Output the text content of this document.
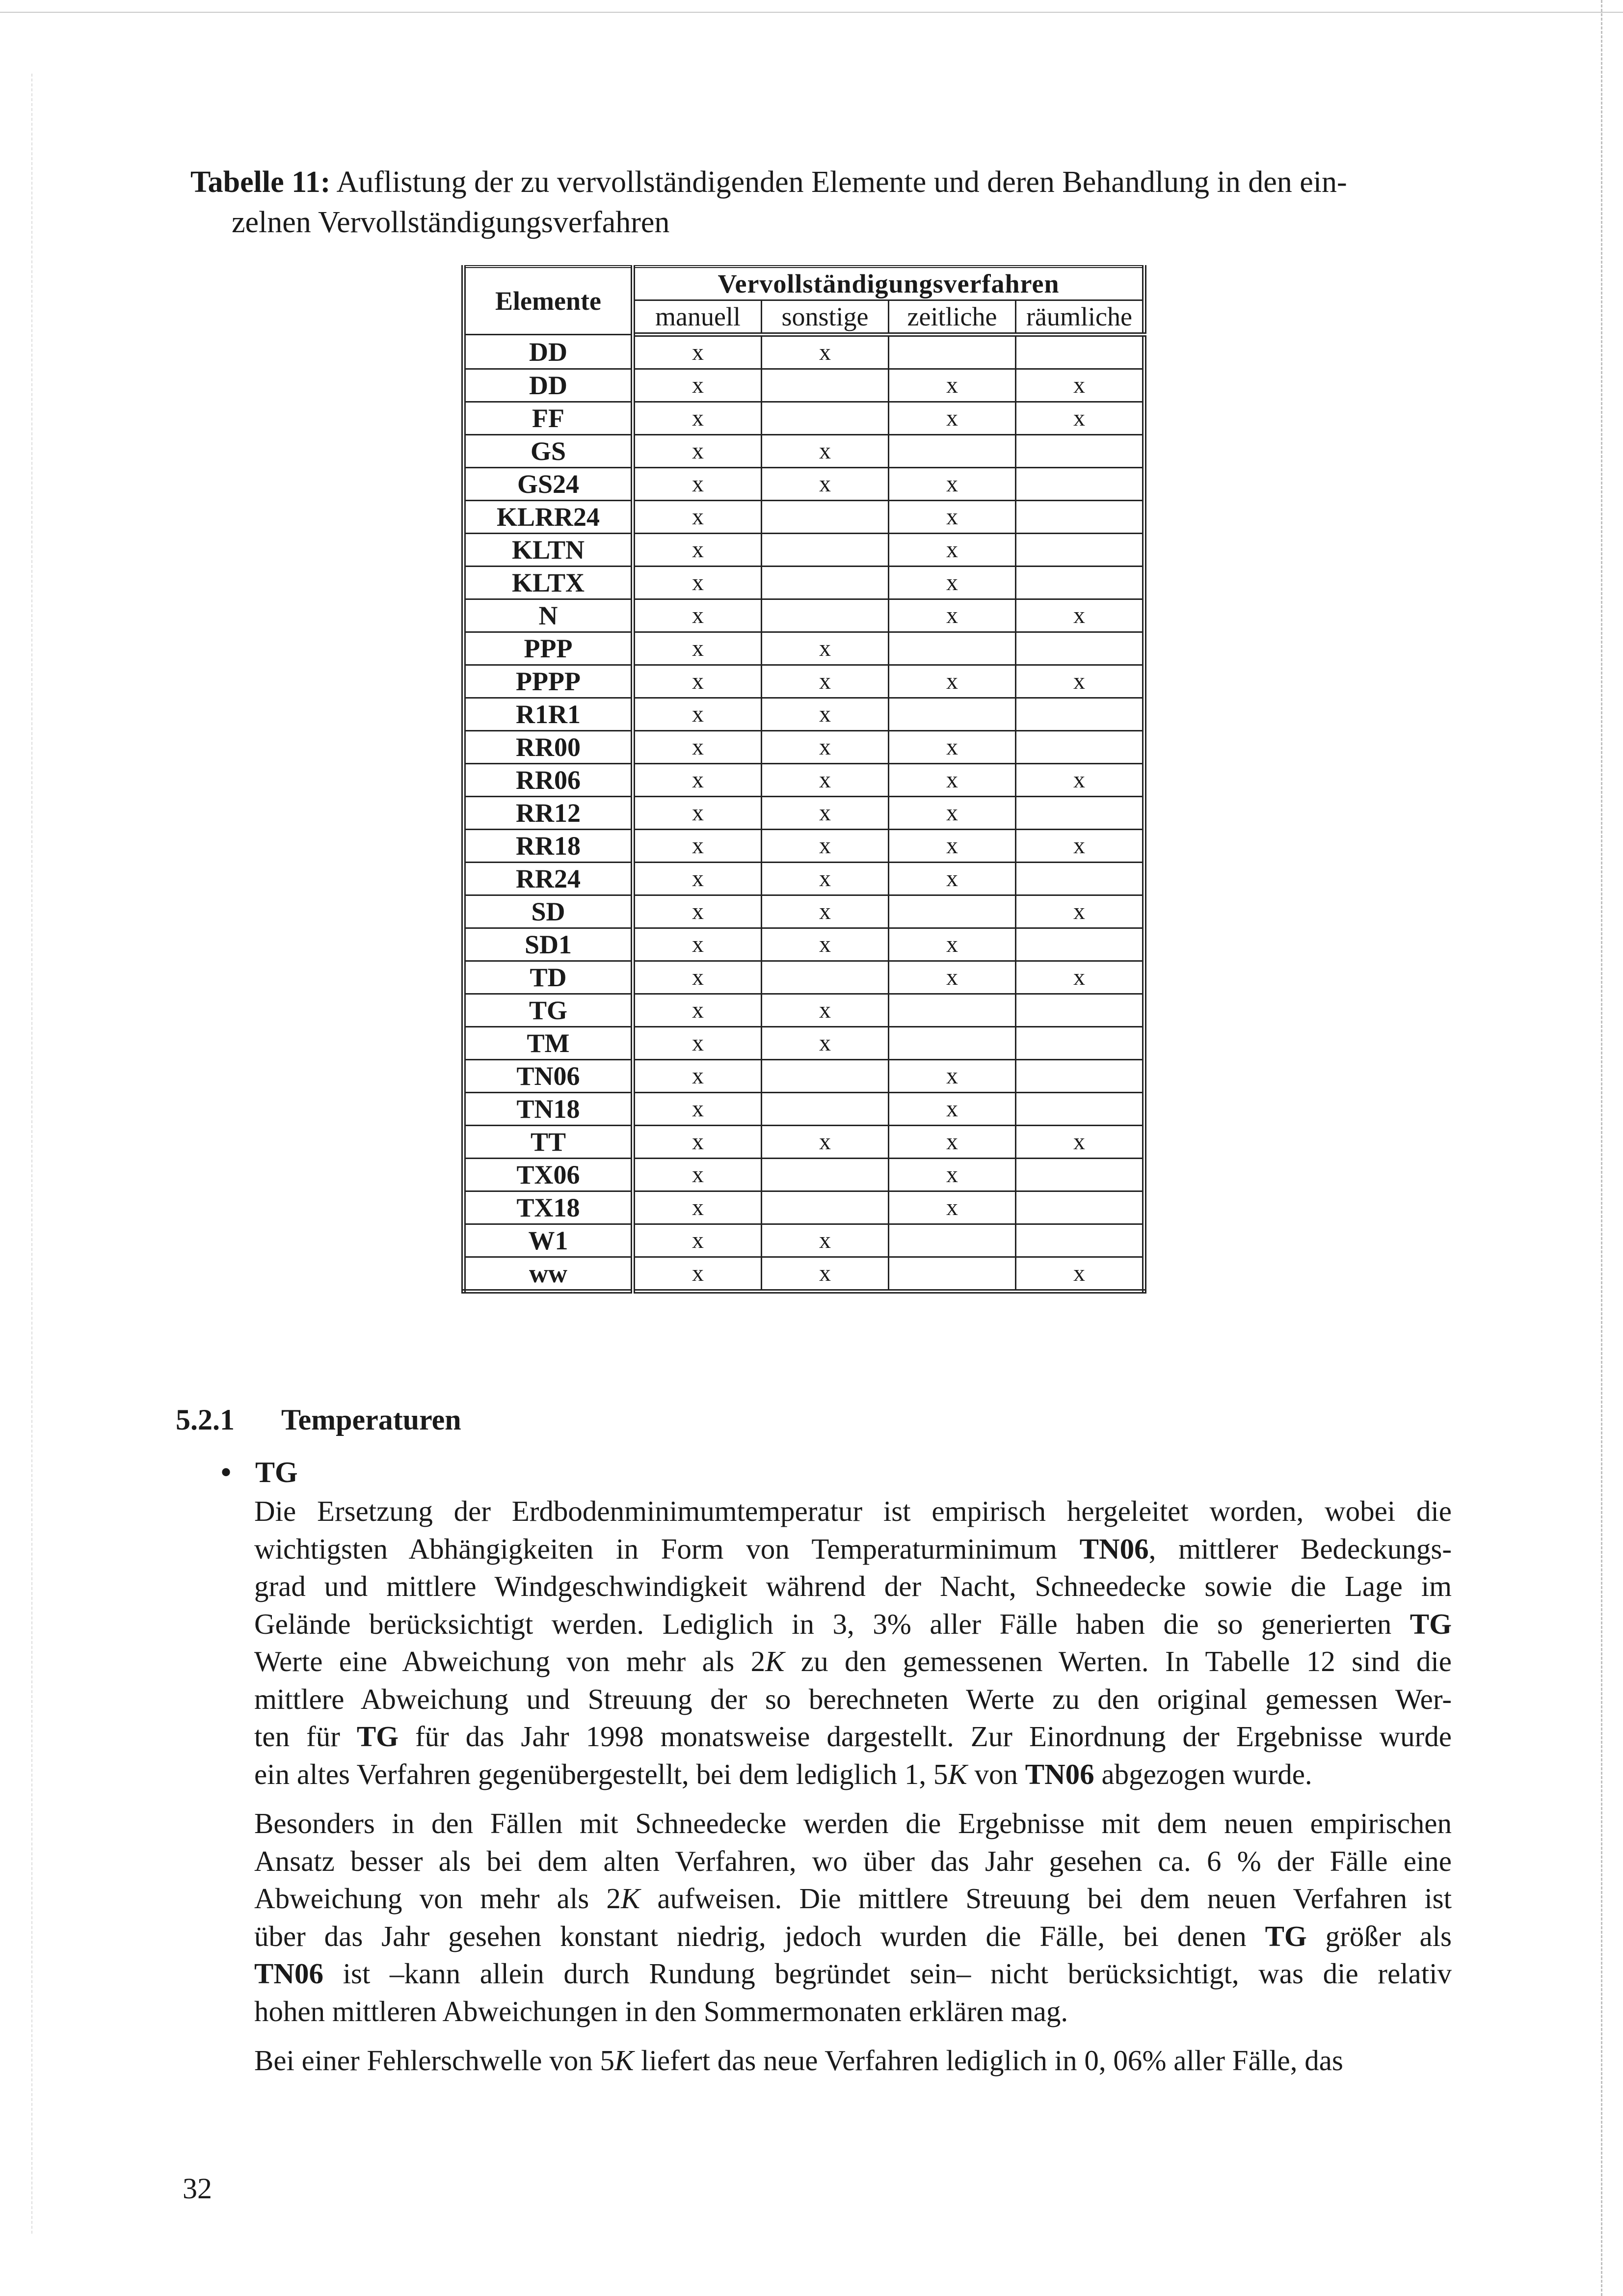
Tabelle 11: Auflistung der zu vervollständigenden Elemente und deren Behandlung in den ein-
zelnen Vervollständigungsverfahren
Elemente	Vervollständigungsverfahren			
	manuell	sonstige	zeitliche	räumliche
DD	x	x		
DD	x		x	x
FF	x		x	x
GS	x	x		
GS24	x	x	x	
KLRR24	x		x	
KLTN	x		x	
KLTX	x		x	
N	x		x	x
PPP	x	x		
PPPP	x	x	x	x
R1R1	x	x		
RR00	x	x	x	
RR06	x	x	x	x
RR12	x	x	x	
RR18	x	x	x	x
RR24	x	x	x	
SD	x	x		x
SD1	x	x	x	
TD	x		x	x
TG	x	x		
TM	x	x		
TN06	x		x	
TN18	x		x	
TT	x	x	x	x
TX06	x		x	
TX18	x		x	
W1	x	x		
ww	x	x		x
5.2.1 Temperaturen
• TG

Die Ersetzung der Erdbodenminimumtemperatur ist empirisch hergeleitet worden, wobei die
wichtigsten Abhängigkeiten in Form von Temperaturminimum TN06, mittlerer Bedeckungs-
grad und mittlere Windgeschwindigkeit während der Nacht, Schneedecke sowie die Lage im
Gelände berücksichtigt werden. Lediglich in 3, 3% aller Fälle haben die so generierten TG
Werte eine Abweichung von mehr als 2K zu den gemessenen Werten. In Tabelle 12 sind die
mittlere Abweichung und Streuung der so berechneten Werte zu den original gemessen Wer-
ten für TG für das Jahr 1998 monatsweise dargestellt. Zur Einordnung der Ergebnisse wurde
ein altes Verfahren gegenübergestellt, bei dem lediglich 1, 5K von TN06 abgezogen wurde.

Besonders in den Fällen mit Schneedecke werden die Ergebnisse mit dem neuen empirischen
Ansatz besser als bei dem alten Verfahren, wo über das Jahr gesehen ca. 6 % der Fälle eine
Abweichung von mehr als 2K aufweisen. Die mittlere Streuung bei dem neuen Verfahren ist
über das Jahr gesehen konstant niedrig, jedoch wurden die Fälle, bei denen TG größer als
TN06 ist –kann allein durch Rundung begründet sein– nicht berücksichtigt, was die relativ
hohen mittleren Abweichungen in den Sommermonaten erklären mag.

Bei einer Fehlerschwelle von 5K liefert das neue Verfahren lediglich in 0, 06% aller Fälle, das

32
